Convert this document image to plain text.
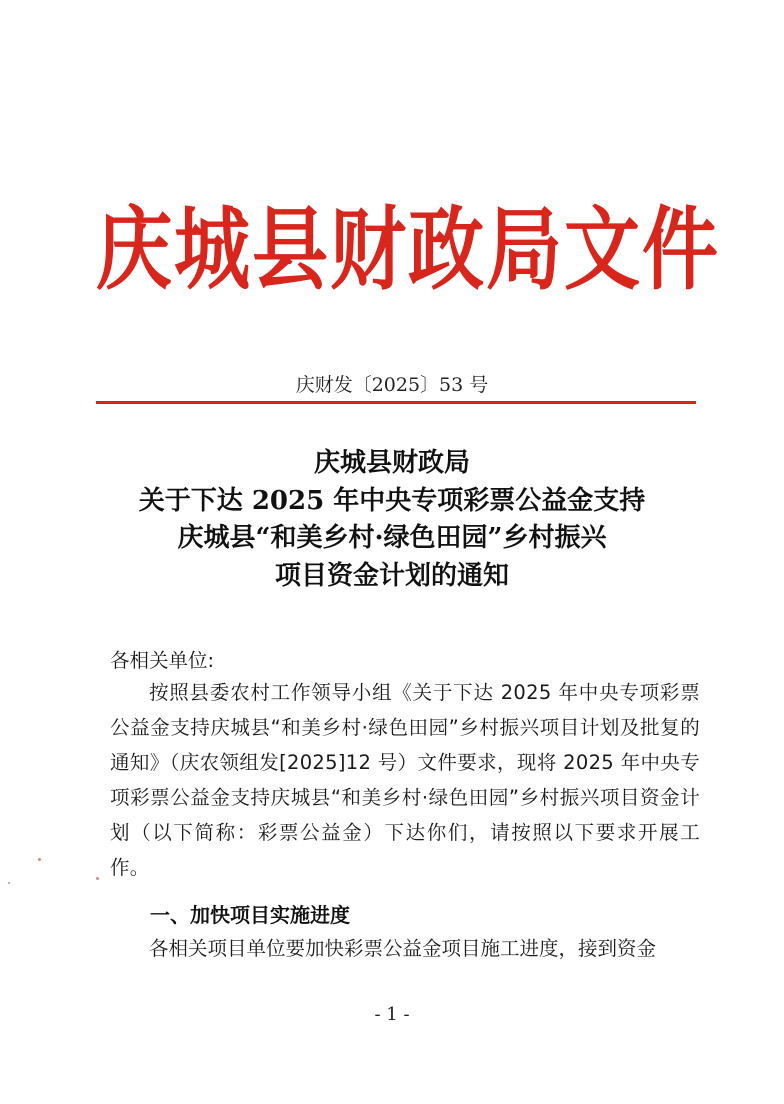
庆城县财政局文件
庆财发〔2025〕53 号
庆城县财政局
关于下达 2025 年中央专项彩票公益金支持
庆城县“和美乡村·绿色田园”乡村振兴
项目资金计划的通知
各相关单位:
按照县委农村工作领导小组《关于下达 2025 年中央专项彩票公益金支持庆城县“和美乡村·绿色田园”乡村振兴项目计划及批复的通知》（庆农领组发[2025]12 号）文件要求，现将 2025 年中央专项彩票公益金支持庆城县“和美乡村·绿色田园”乡村振兴项目资金计划（以下简称：彩票公益金）下达你们，请按照以下要求开展工作。
一、加快项目实施进度
各相关项目单位要加快彩票公益金项目施工进度，接到资金
- 1 -
